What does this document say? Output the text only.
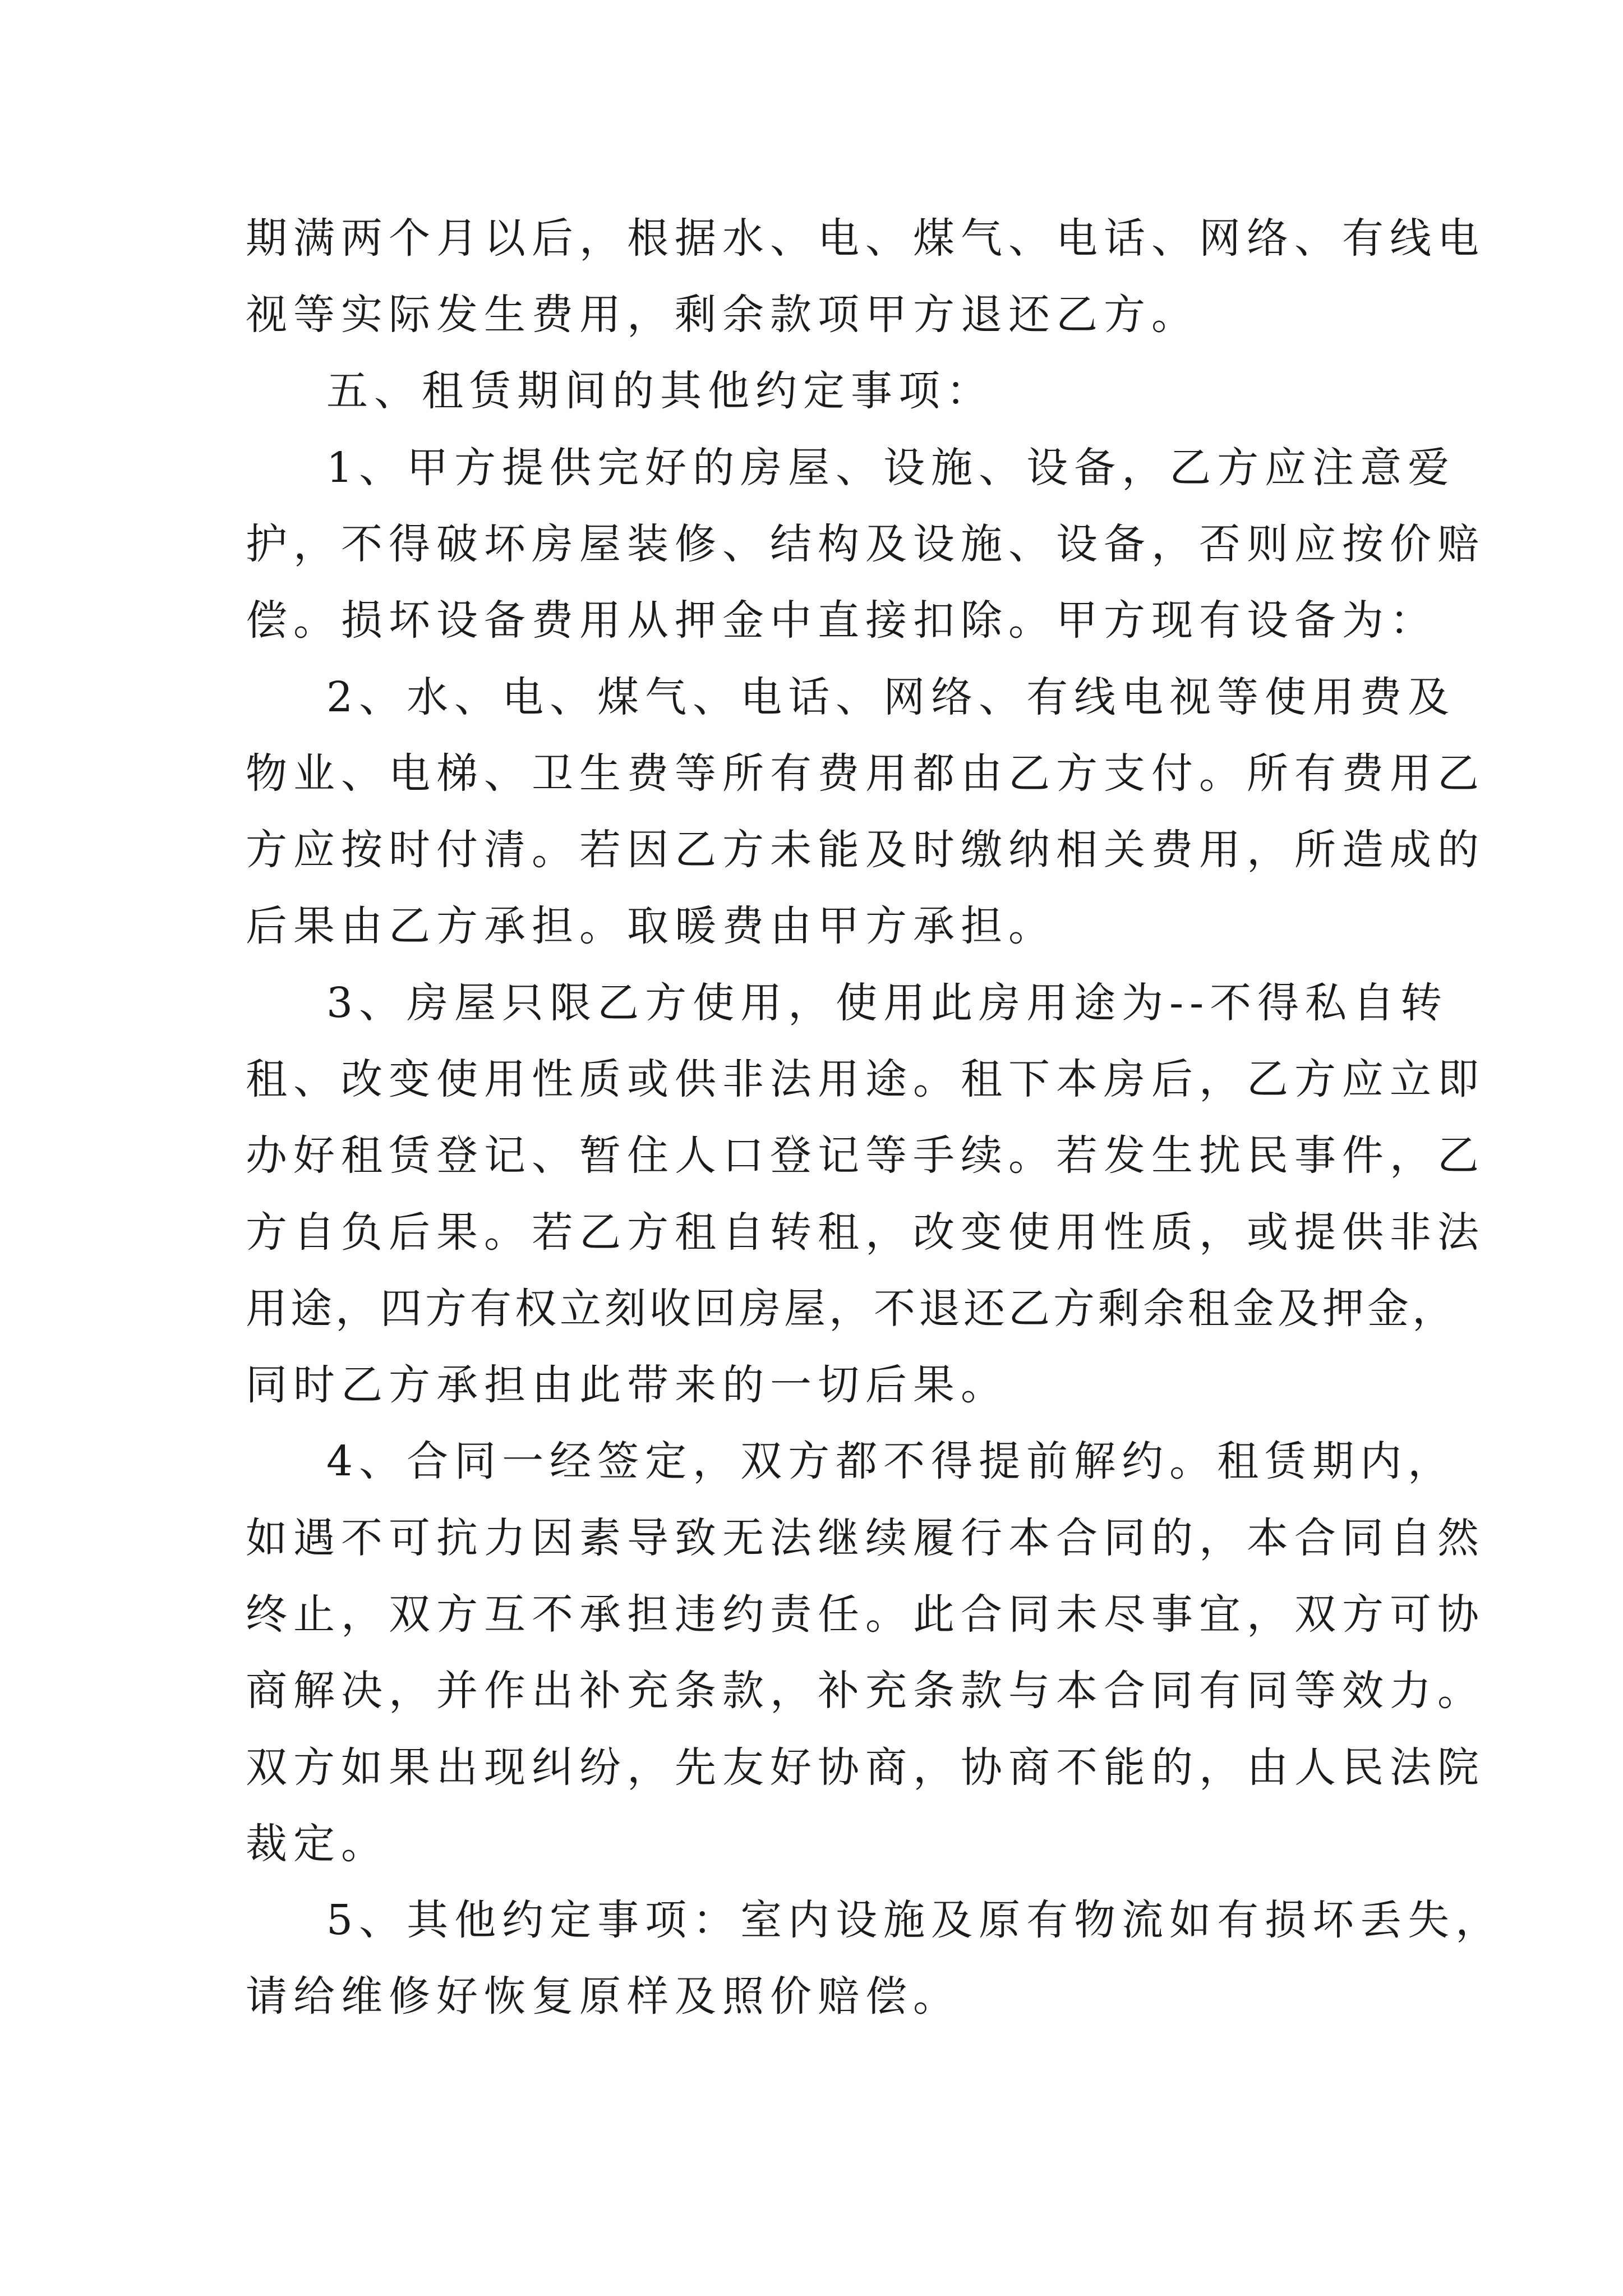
期满两个月以后，根据水、电、煤气、电话、网络、有线电

视等实际发生费用，剩余款项甲方退还乙方。

五、租赁期间的其他约定事项：

1、甲方提供完好的房屋、设施、设备，乙方应注意爱

护，不得破坏房屋装修、结构及设施、设备，否则应按价赔

偿。损坏设备费用从押金中直接扣除。甲方现有设备为：

2、水、电、煤气、电话、网络、有线电视等使用费及

物业、电梯、卫生费等所有费用都由乙方支付。所有费用乙

方应按时付清。若因乙方未能及时缴纳相关费用，所造成的

后果由乙方承担。取暖费由甲方承担。

3、房屋只限乙方使用，使用此房用途为--不得私自转

租、改变使用性质或供非法用途。租下本房后，乙方应立即

办好租赁登记、暂住人口登记等手续。若发生扰民事件，乙

方自负后果。若乙方租自转租，改变使用性质，或提供非法

用途，四方有权立刻收回房屋，不退还乙方剩余租金及押金，

同时乙方承担由此带来的一切后果。

4、合同一经签定，双方都不得提前解约。租赁期内，

如遇不可抗力因素导致无法继续履行本合同的，本合同自然

终止，双方互不承担违约责任。此合同未尽事宜，双方可协

商解决，并作出补充条款，补充条款与本合同有同等效力。

双方如果出现纠纷，先友好协商，协商不能的，由人民法院

裁定。

5、其他约定事项：室内设施及原有物流如有损坏丢失，

请给维修好恢复原样及照价赔偿。
